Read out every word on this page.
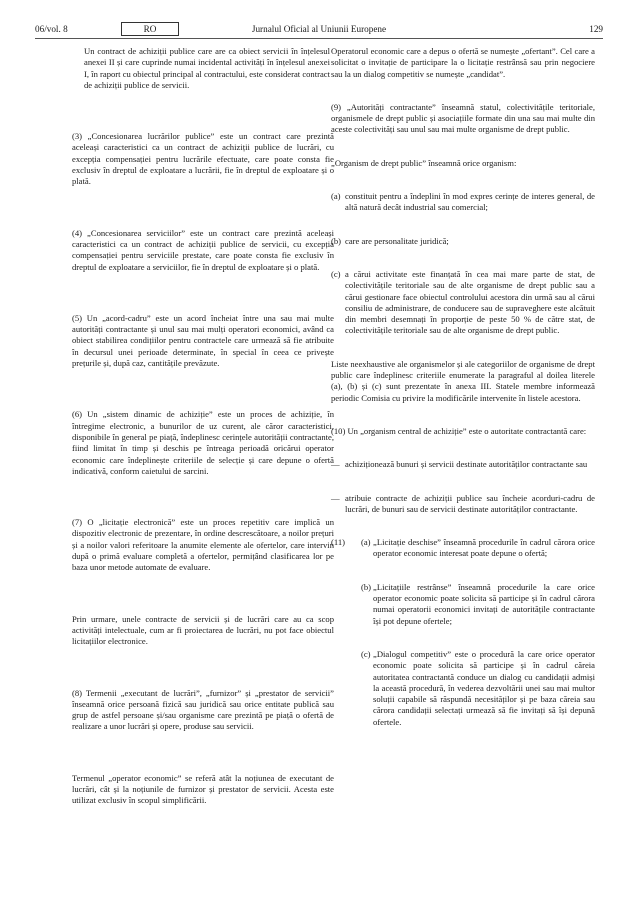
06/vol. 8	RO	Jurnalul Oficial al Uniunii Europene	129

Un contract de achiziții publice care are ca obiect servicii în înțelesul anexei II și care cuprinde numai incidental activități în înțelesul anexei I, în raport cu obiectul principal al contractului, este considerat contract de achiziții publice de servicii.

(3) „Concesionarea lucrărilor publice” este un contract care prezintă aceleași caracteristici ca un contract de achiziții publice de lucrări, cu excepția compensației pentru lucrările efectuate, care poate consta fie exclusiv în dreptul de exploatare a lucrării, fie în dreptul de exploatare și o plată.

(4) „Concesionarea serviciilor” este un contract care prezintă aceleași caracteristici ca un contract de achiziții publice de servicii, cu excepția compensației pentru serviciile prestate, care poate consta fie exclusiv în dreptul de exploatare a serviciilor, fie în dreptul de exploatare și o plată.

(5) Un „acord-cadru” este un acord încheiat între una sau mai multe autorități contractante și unul sau mai mulți operatori economici, având ca obiect stabilirea condițiilor pentru contractele care urmează să fie atribuite în decursul unei perioade determinate, în special în ceea ce privește prețurile și, după caz, cantitățile prevăzute.

(6) Un „sistem dinamic de achiziție” este un proces de achiziție, în întregime electronic, a bunurilor de uz curent, ale căror caracteristici, disponibile în general pe piață, îndeplinesc cerințele autorității contractante, fiind limitat în timp și deschis pe întreaga perioadă oricărui operator economic care îndeplinește criteriile de selecție și care depune o ofertă indicativă, conform caietului de sarcini.

(7) O „licitație electronică” este un proces repetitiv care implică un dispozitiv electronic de prezentare, în ordine descrescătoare, a noilor prețuri și a noilor valori referitoare la anumite elemente ale ofertelor, care intervin după o primă evaluare completă a ofertelor, permițând clasificarea lor pe baza unor metode automate de evaluare.

Prin urmare, unele contracte de servicii și de lucrări care au ca scop activități intelectuale, cum ar fi proiectarea de lucrări, nu pot face obiectul licitațiilor electronice.

(8) Termenii „executant de lucrări”, „furnizor” și „prestator de servicii” înseamnă orice persoană fizică sau juridică sau orice entitate publică sau grup de astfel persoane și/sau organisme care prezintă pe piață o ofertă de realizare a unor lucrări și opere, produse sau servicii.

Termenul „operator economic” se referă atât la noțiunea de executant de lucrări, cât și la noțiunile de furnizor și prestator de servicii. Acesta este utilizat exclusiv în scopul simplificării.

Operatorul economic care a depus o ofertă se numește „ofertant”. Cel care a solicitat o invitație de participare la o licitație restrânsă sau prin negociere sau la un dialog competitiv se numește „candidat”.

(9) „Autorități contractante” înseamnă statul, colectivitățile teritoriale, organismele de drept public și asociațiile formate din una sau mai multe din aceste colectivități sau unul sau mai multe organisme de drept public.

„Organism de drept public” înseamnă orice organism:

(a) constituit pentru a îndeplini în mod expres cerințe de interes general, de altă natură decât industrial sau comercial;

(b) care are personalitate juridică;

(c) a cărui activitate este finanțată în cea mai mare parte de stat, de colectivitățile teritoriale sau de alte organisme de drept public sau a cărui gestionare face obiectul controlului acestora din urmă sau al cărui consiliu de administrare, de conducere sau de supraveghere este alcătuit din membri desemnați în proporție de peste 50 % de către stat, de colectivitățile teritoriale sau de alte organisme de drept public.

Liste neexhaustive ale organismelor și ale categoriilor de organisme de drept public care îndeplinesc criteriile enumerate la paragraful al doilea literele (a), (b) și (c) sunt prezentate în anexa III. Statele membre informează periodic Comisia cu privire la modificările intervenite în listele acestora.

(10) Un „organism central de achiziție” este o autoritate contractantă care:

— achiziționează bunuri și servicii destinate autorităților contractante sau

— atribuie contracte de achiziții publice sau încheie acorduri-cadru de lucrări, de bunuri sau de servicii destinate autorităților contractante.

(11) (a) „Licitație deschise” înseamnă procedurile în cadrul cărora orice operator economic interesat poate depune o ofertă;

(b) „Licitațiile restrânse” înseamnă procedurile la care orice operator economic poate solicita să participe și în cadrul cărora numai operatorii economici invitați de autoritățile contractante își pot depune ofertele;

(c) „Dialogul competitiv” este o procedură la care orice operator economic poate solicita să participe și în cadrul căreia autoritatea contractantă conduce un dialog cu candidații admiși la această procedură, în vederea dezvoltării unei sau mai multor soluții capabile să răspundă necesităților și pe baza căreia sau cărora candidații selectați urmează să fie invitați să își depună ofertele.
